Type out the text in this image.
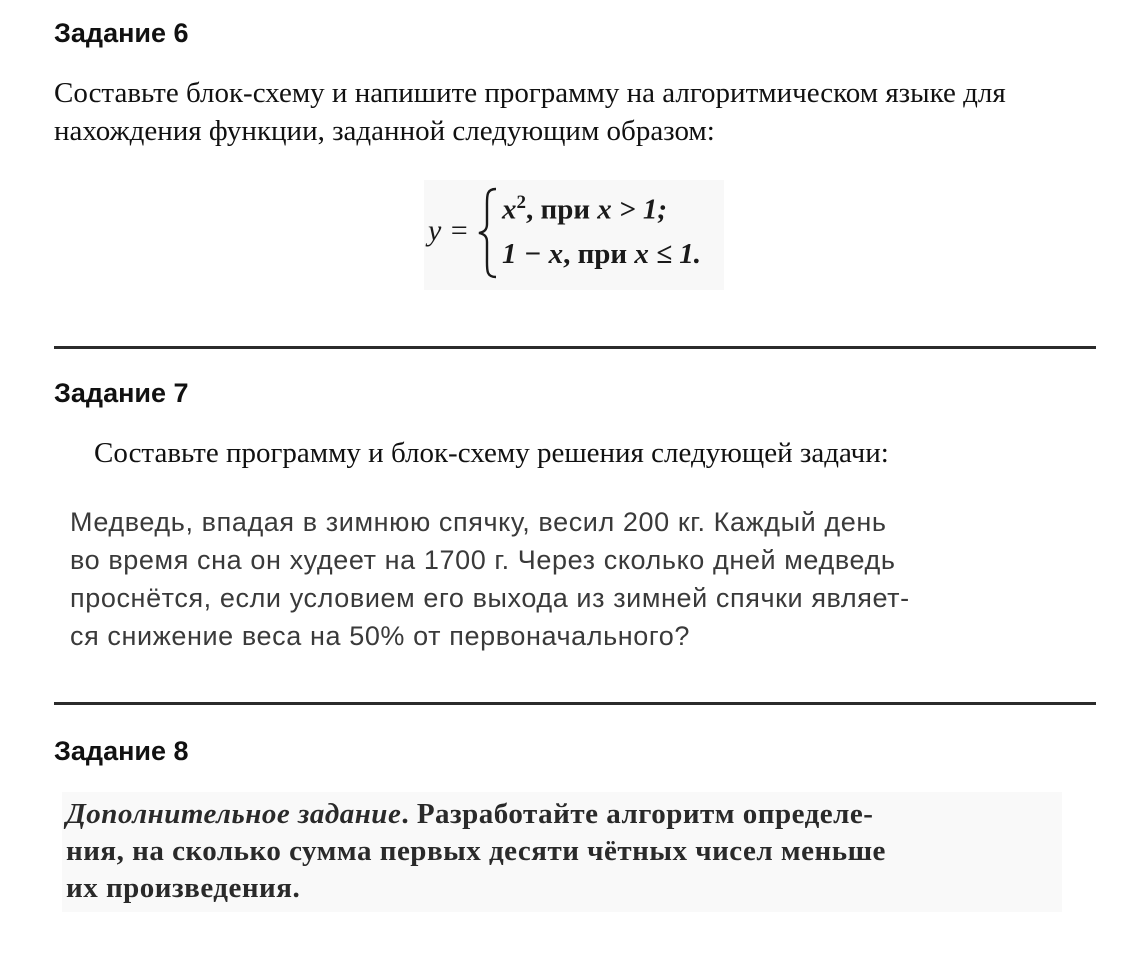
Задание 6

Составьте блок-схему и напишите программу на алгоритмическом языке для
нахождения функции, заданной следующим образом:

y =
$x^2$, при x > 1;
1 − x, при x ≤ 1.
Задание 7

Составьте программу и блок-схему решения следующей задачи:

Медведь, впадая в зимнюю спячку, весил 200 кг. Каждый день
во время сна он худеет на 1700 г. Через сколько дней медведь
проснётся, если условием его выхода из зимней спячки являет-
ся снижение веса на 50% от первоначального?

Задание 8

Дополнительное задание. Разработайте алгоритм определе-
ния, на сколько сумма первых десяти чётных чисел меньше
их произведения.
